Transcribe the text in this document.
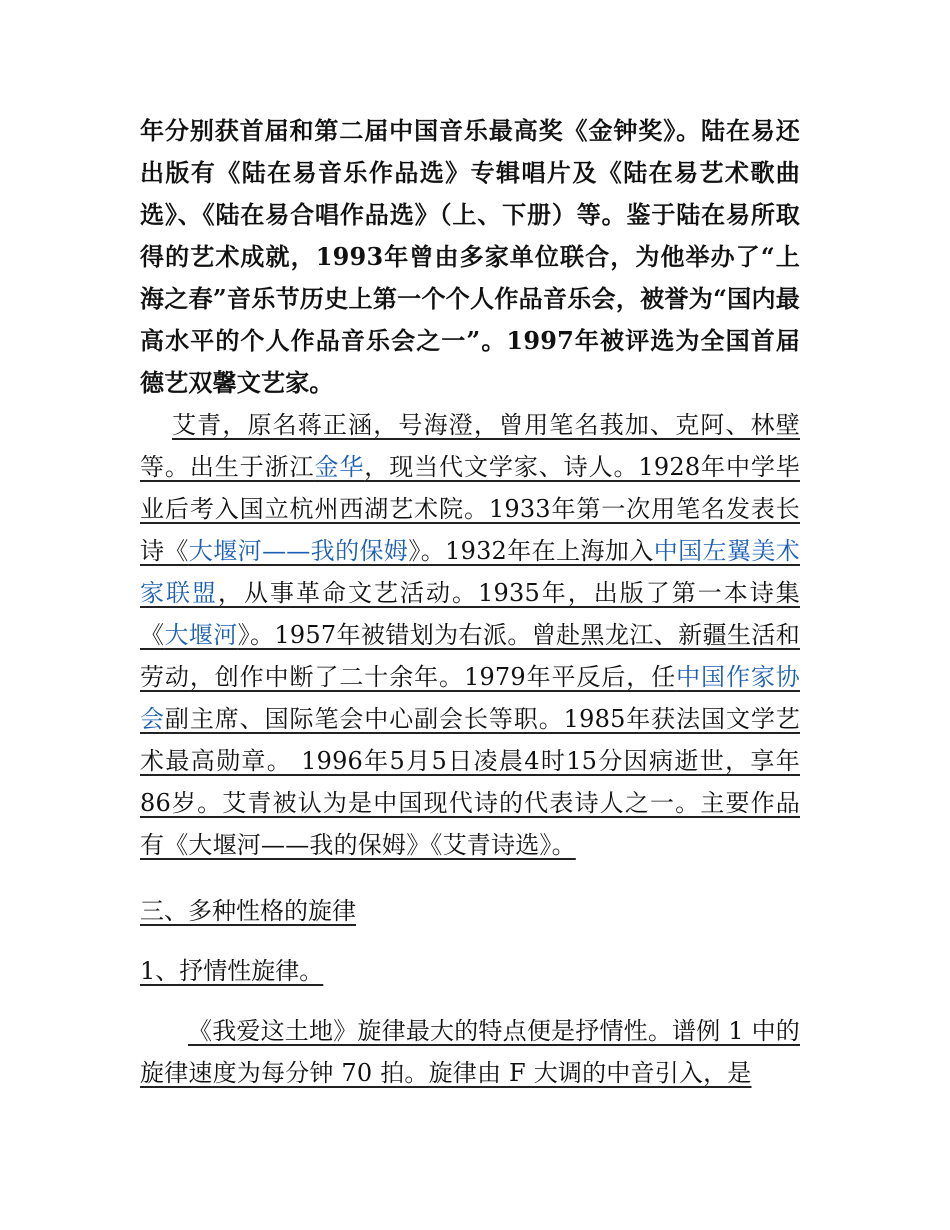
年分别获首届和第二届中国音乐最高奖《金钟奖》。陆在易还出版有《陆在易音乐作品选》专辑唱片及《陆在易艺术歌曲选》、《陆在易合唱作品选》（上、下册）等。鉴于陆在易所取得的艺术成就，1993年曾由多家单位联合，为他举办了“上海之春”音乐节历史上第一个个人作品音乐会，被誉为“国内最高水平的个人作品音乐会之一”。1997年被评选为全国首届德艺双馨文艺家。
艾青，原名蒋正涵，号海澄，曾用笔名莪加、克阿、林壁等。出生于浙江金华，现当代文学家、诗人。1928年中学毕业后考入国立杭州西湖艺术院。1933年第一次用笔名发表长诗《大堰河——我的保姆》。1932年在上海加入中国左翼美术家联盟，从事革命文艺活动。1935年，出版了第一本诗集《大堰河》。1957年被错划为右派。曾赴黑龙江、新疆生活和劳动，创作中断了二十余年。1979年平反后，任中国作家协会副主席、国际笔会中心副会长等职。1985年获法国文学艺术最高勋章。 1996年5月5日凌晨4时15分因病逝世，享年86岁。艾青被认为是中国现代诗的代表诗人之一。主要作品有《大堰河——我的保姆》《艾青诗选》。
三、多种性格的旋律
1、抒情性旋律。
《我爱这土地》旋律最大的特点便是抒情性。谱例 1 中的旋律速度为每分钟 70 拍。旋律由 F 大调的中音引入，是
